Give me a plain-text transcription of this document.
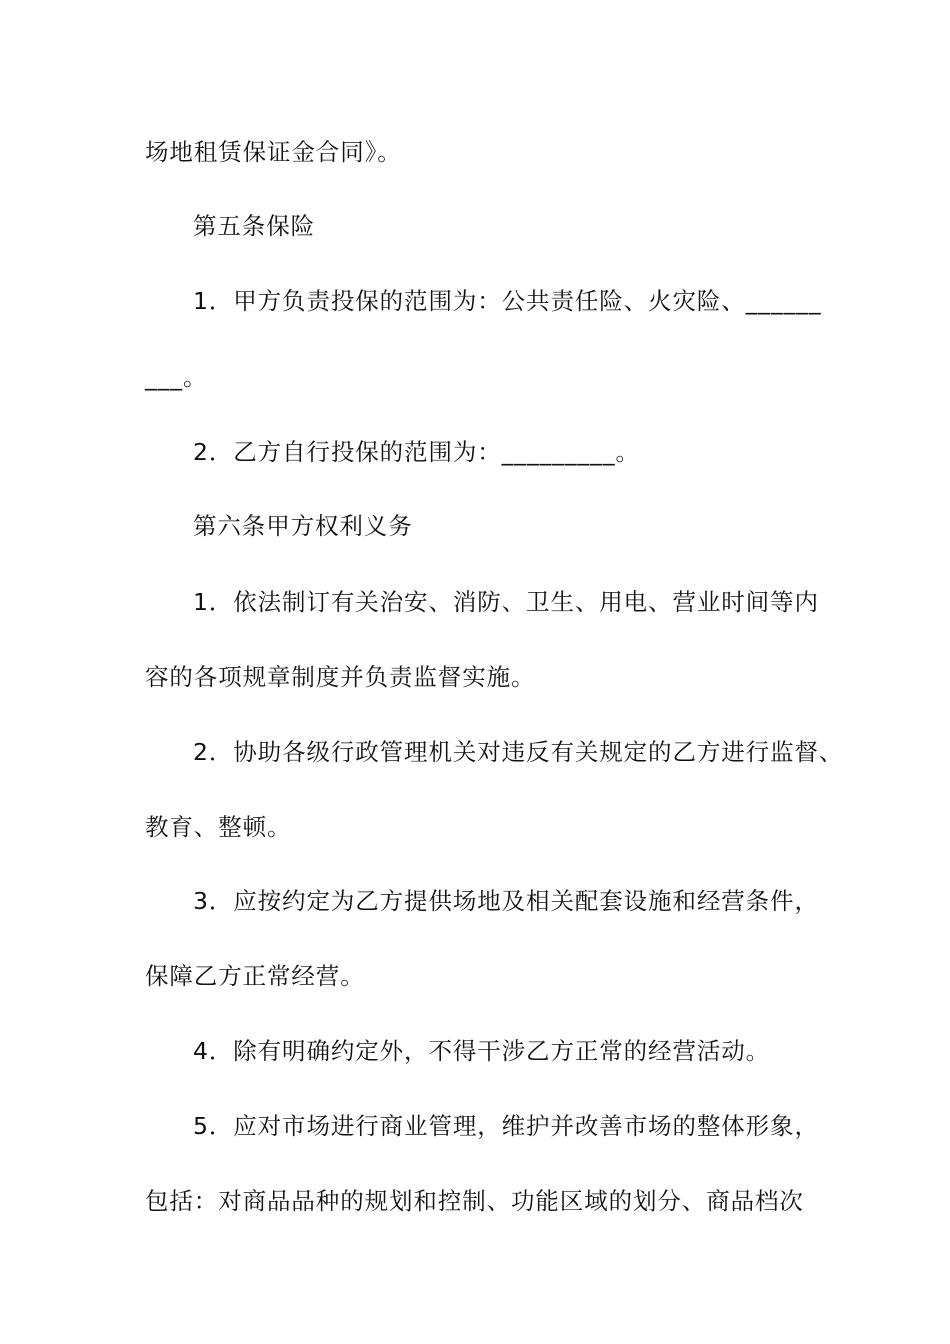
场地租赁保证金合同》。
第五条保险
1．甲方负责投保的范围为：公共责任险、火灾险、______
___。
2．乙方自行投保的范围为：_________。
第六条甲方权利义务
1．依法制订有关治安、消防、卫生、用电、营业时间等内
容的各项规章制度并负责监督实施。
2．协助各级行政管理机关对违反有关规定的乙方进行监督、
教育、整顿。
3．应按约定为乙方提供场地及相关配套设施和经营条件，
保障乙方正常经营。
4．除有明确约定外，不得干涉乙方正常的经营活动。
5．应对市场进行商业管理，维护并改善市场的整体形象，
包括：对商品品种的规划和控制、功能区域的划分、商品档次
